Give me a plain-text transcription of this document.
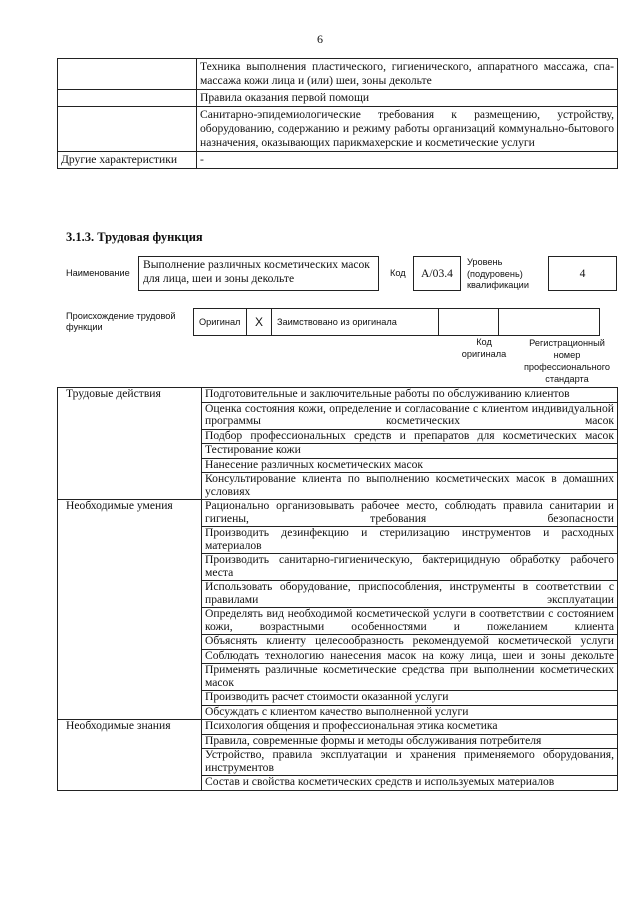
6
	Техника выполнения пластического, гигиенического, аппаратного массажа, спа-массажа кожи лица и (или) шеи, зоны декольте
	Правила оказания первой помощи
	Санитарно-эпидемиологические требования к размещению, устройству, оборудованию, содержанию и режиму работы организаций коммунально-бытового назначения, оказывающих парикмахерские и косметические услуги
Другие характеристики	-
3.1.3. Трудовая функция
Наименование
Выполнение различных косметических масок для лица, шеи и зоны декольте	Код	A/03.4
Уровень (подуровень) квалификации
4
Происхождение трудовой функции	Оригинал	X	Заимствовано из оригинала		
Код оригинала
Регистрационный номер профессионального стандарта
Трудовые действия	Подготовительные и заключительные работы по обслуживанию клиентов
	Оценка состояния кожи, определение и согласование с клиентом индивидуальной программы косметических масок
	Подбор профессиональных средств и препаратов для косметических масок
	Тестирование кожи
	Нанесение различных косметических масок
	Консультирование клиента по выполнению косметических масок в домашних условиях
Необходимые умения	Рационально организовывать рабочее место, соблюдать правила санитарии и гигиены, требования безопасности
	Производить дезинфекцию и стерилизацию инструментов и расходных материалов
	Производить санитарно-гигиеническую, бактерицидную обработку рабочего места
	Использовать оборудование, приспособления, инструменты в соответствии с правилами эксплуатации
	Определять вид необходимой косметической услуги в соответствии с состоянием кожи, возрастными особенностями и пожеланием клиента
	Объяснять клиенту целесообразность рекомендуемой косметической услуги
	Соблюдать технологию нанесения масок на кожу лица, шеи и зоны декольте
	Применять различные косметические средства при выполнении косметических масок
	Производить расчет стоимости оказанной услуги
	Обсуждать с клиентом качество выполненной услуги
Необходимые знания	Психология общения и профессиональная этика косметика
	Правила, современные формы и методы обслуживания потребителя
	Устройство, правила эксплуатации и хранения применяемого оборудования, инструментов
	Состав и свойства косметических средств и используемых материалов
